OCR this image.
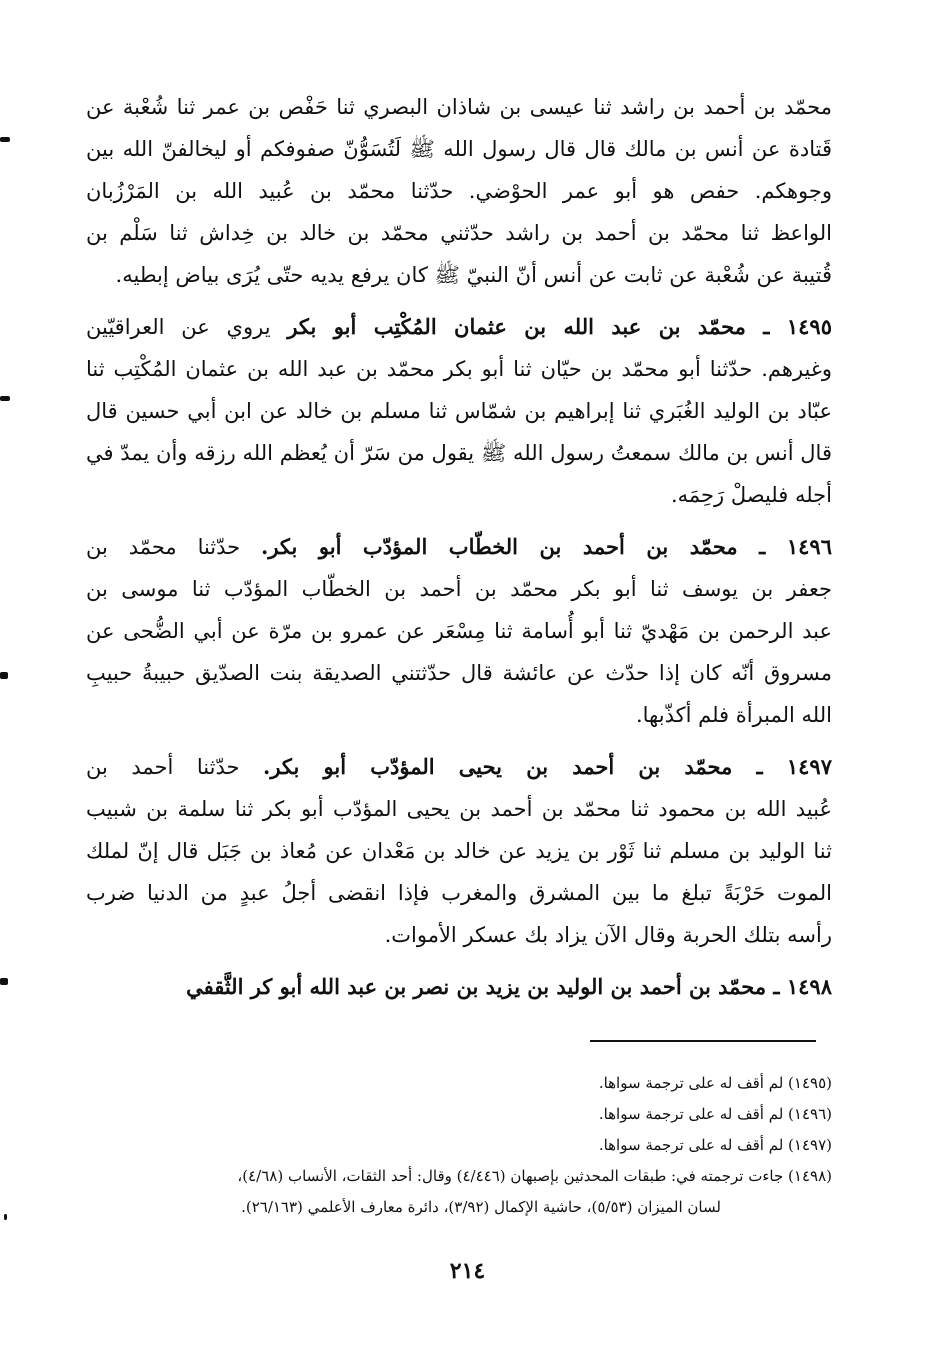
محمّد بن أحمد بن راشد ثنا عيسى بن شاذان البصري ثنا حَفْص بن عمر ثنا شُعْبة عن
قَتادة عن أنس بن مالك قال قال رسول الله ﷺ لَتُسَوُّنّ صفوفكم أو ليخالفنّ الله بين
وجوهكم. حفص هو أبو عمر الحوْضي. حدّثنا محمّد بن عُبيد الله بن المَرْزُبان
الواعظ ثنا محمّد بن أحمد بن راشد حدّثني محمّد بن خالد بن خِداش ثنا سَلْم بن
قُتيبة عن شُعْبة عن ثابت عن أنس أنّ النبيّ ﷺ كان يرفع يديه حتّى يُرَى بياض إبطيه.
١٤٩٥ ـ محمّد بن عبد الله بن عثمان المُكْتِب أبو بكر يروي عن العراقيّين
وغيرهم. حدّثنا أبو محمّد بن حيّان ثنا أبو بكر محمّد بن عبد الله بن عثمان المُكْتِب ثنا
عبّاد بن الوليد الغُبَري ثنا إبراهيم بن شمّاس ثنا مسلم بن خالد عن ابن أبي حسين قال
قال أنس بن مالك سمعتُ رسول الله ﷺ يقول من سَرّ أن يُعظم الله رزقه وأن يمدّ في
أجله فليصلْ رَحِمَه.
١٤٩٦ ـ محمّد بن أحمد بن الخطّاب المؤدّب أبو بكر. حدّثنا محمّد بن
جعفر بن يوسف ثنا أبو بكر محمّد بن أحمد بن الخطّاب المؤدّب ثنا موسى بن
عبد الرحمن بن مَهْديّ ثنا أبو أُسامة ثنا مِسْعَر عن عمرو بن مرّة عن أبي الضُّحى عن
مسروق أنّه كان إذا حدّث عن عائشة قال حدّثتني الصديقة بنت الصدّيق حبيبةُ حبيبِ
الله المبرأة فلم أكذّبها.
١٤٩٧ ـ محمّد بن أحمد بن يحيى المؤدّب أبو بكر. حدّثنا أحمد بن
عُبيد الله بن محمود ثنا محمّد بن أحمد بن يحيى المؤدّب أبو بكر ثنا سلمة بن شبيب
ثنا الوليد بن مسلم ثنا ثَوْر بن يزيد عن خالد بن مَعْدان عن مُعاذ بن جَبَل قال إنّ لملك
الموت حَرْبَةً تبلغ ما بين المشرق والمغرب فإذا انقضى أجلُ عبدٍ من الدنيا ضرب
رأسه بتلك الحربة وقال الآن يزاد بك عسكر الأموات.
١٤٩٨ ـ محمّد بن أحمد بن الوليد بن يزيد بن نصر بن عبد الله أبو كر الثَّقفي
(١٤٩٥) لم أقف له على ترجمة سواها.
(١٤٩٦) لم أقف له على ترجمة سواها.
(١٤٩٧) لم أقف له على ترجمة سواها.
(١٤٩٨) جاءت ترجمته في: طبقات المحدثين بإصبهان (٤/٤٤٦) وقال: أحد الثقات، الأنساب (٤/٦٨)،
لسان الميزان (٥/٥٣)، حاشية الإكمال (٣/٩٢)، دائرة معارف الأعلمي (٢٦/١٦٣).
٢١٤
